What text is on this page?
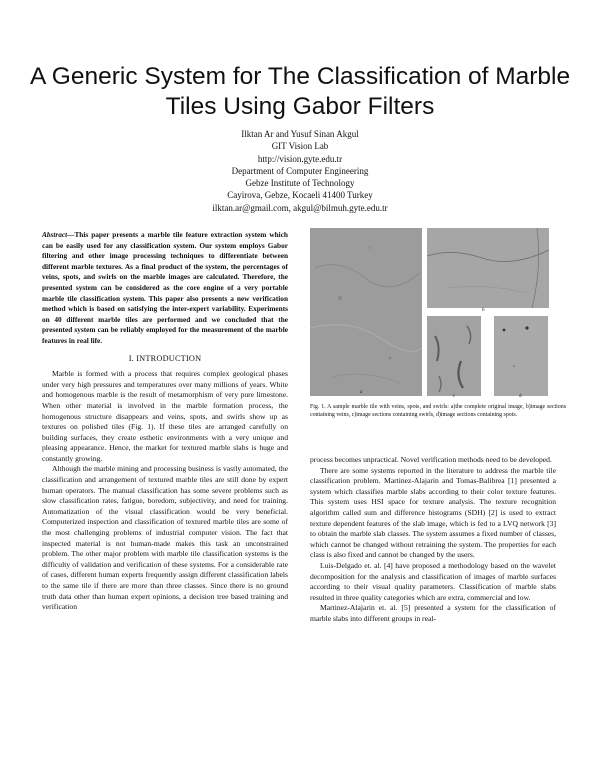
A Generic System for The Classification of Marble
Tiles Using Gabor Filters
Ilktan Ar and Yusuf Sinan Akgul
GIT Vision Lab
http://vision.gyte.edu.tr
Department of Computer Engineering
Gebze Institute of Technology
Cayirova, Gebze, Kocaeli 41400 Turkey
ilktan.ar@gmail.com, akgul@bilmuh.gyte.edu.tr

Abstract—This paper presents a marble tile feature extraction system which can be easily used for any classification system. Our system employs Gabor filtering and other image processing techniques to differentiate between different marble textures. As a final product of the system, the percentages of veins, spots, and swirls on the marble images are calculated. Therefore, the presented system can be considered as the core engine of a very portable marble tile classification system. This paper also presents a new verification method which is based on satisfying the inter-expert variability. Experiments on 40 different marble tiles are performed and we concluded that the presented system can be reliably employed for the measurement of the marble features in real life.

I. INTRODUCTION

Marble is formed with a process that requires complex geological phases under very high pressures and temperatures over many millions of years. White and homogenous marble is the result of metamorphism of very pure limestone. When other material is involved in the marble formation process, the homogenous structure disappears and veins, spots, and swirls show up as textures on polished tiles (Fig. 1). If these tiles are arranged carefully on building surfaces, they create esthetic environments with a very unique and pleasing appearance. Hence, the market for textured marble slabs is huge and constantly growing.

Although the marble mining and processing business is vastly automated, the classification and arrangement of textured marble tiles are still done by expert human operators. The manual classification has some severe problems such as slow classification rates, fatigue, boredom, subjectivity, and need for training. Automatization of the visual classification would be very beneficial. Computerized inspection and classification of textured marble tiles are some of the most challenging problems of industrial computer vision. The fact that inspected material is not human-made makes this task an unconstrained problem. The other major problem with marble tile classification systems is the difficulty of validation and verification of these systems. For a considerable rate of cases, different human experts frequently assign different classification labels to the same tile if there are more than three classes. Since there is no ground truth data other than human expert opinions, a decision tree based training and verification

a
b
c	d
Fig. 1. A sample marble tile with veins, spots, and swirls: a)the complete original image, b)image sections containing veins, c)image sections containing swirls, d)image sections containing spots.

process becomes unpractical. Novel verification methods need to be developed.

There are some systems reported in the literature to address the marble tile classification problem. Martinez-Alajarin and Tomas-Balibrea [1] presented a system which classifies marble slabs according to their color texture features. This system uses HSI space for texture analysis. The texture recognition algorithm called sum and difference histograms (SDH) [2] is used to extract texture dependent features of the slab image, which is fed to a LVQ network [3] to obtain the marble slab classes. The system assumes a fixed number of classes, which cannot be changed without retraining the system. The properties for each class is also fixed and cannot be changed by the users.

Luis-Delgado et. al. [4] have proposed a methodology based on the wavelet decomposition for the analysis and classification of images of marble surfaces according to their visual quality parameters. Classification of marble slabs resulted in three quality categories which are extra, commercial and low.

Martinez-Alajarin et. al. [5] presented a system for the classification of marble slabs into different groups in real-
